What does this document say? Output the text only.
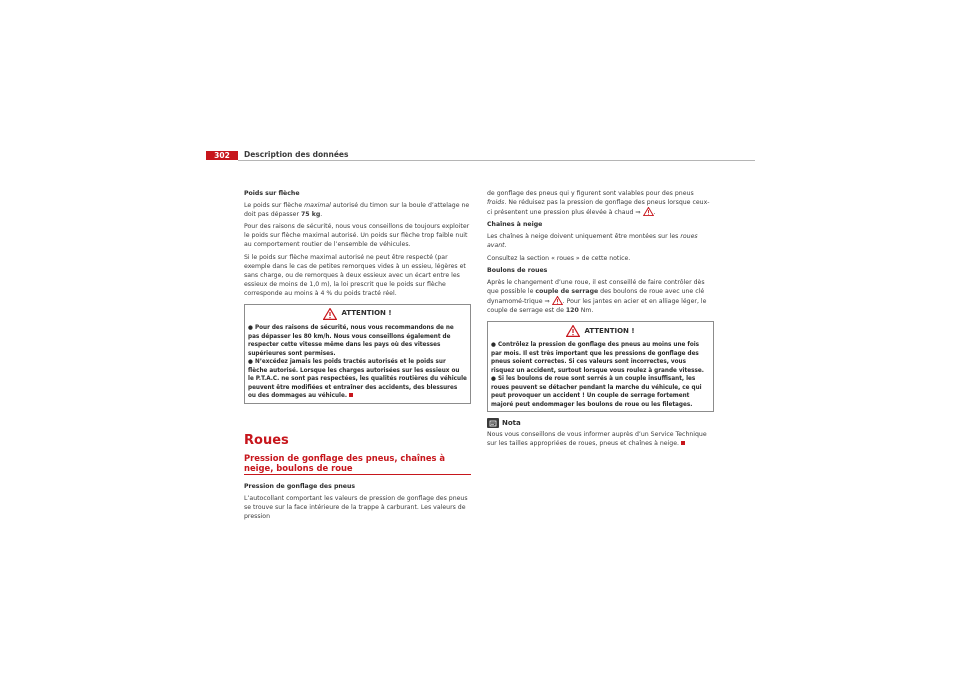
302	Description des données

Poids sur flèche

Le poids sur flèche maximal autorisé du timon sur la boule d’attelage ne doit pas dépasser 75 kg.

Pour des raisons de sécurité, nous vous conseillons de toujours exploiter le poids sur flèche maximal autorisé. Un poids sur flèche trop faible nuit au comportement routier de l’ensemble de véhicules.

Si le poids sur flèche maximal autorisé ne peut être respecté (par exemple dans le cas de petites remorques vides à un essieu, légères et sans charge, ou de remorques à deux essieux avec un écart entre les essieux de moins de 1,0 m), la loi prescrit que le poids sur flèche corresponde au moins à 4 % du poids tracté réel.

ATTENTION !

● Pour des raisons de sécurité, nous vous recommandons de ne pas dépasser les 80 km/h. Nous vous conseillons également de respecter cette vitesse même dans les pays où des vitesses supérieures sont permises.

● N’excédez jamais les poids tractés autorisés et le poids sur flèche autorisé. Lorsque les charges autorisées sur les essieux ou le P.T.A.C. ne sont pas respectées, les qualités routières du véhicule peuvent être modifiées et entraîner des accidents, des blessures ou des dommages au véhicule.

Roues
Pression de gonflage des pneus, chaînes à neige, boulons de roue

Pression de gonflage des pneus

L’autocollant comportant les valeurs de pression de gonflage des pneus se trouve sur la face intérieure de la trappe à carburant. Les valeurs de pression

de gonflage des pneus qui y figurent sont valables pour des pneus froids. Ne réduisez pas la pression de gonflage des pneus lorsque ceux-ci présentent une pression plus élevée à chaud ⇒ .

Chaînes à neige

Les chaînes à neige doivent uniquement être montées sur les roues avant.

Consultez la section « roues » de cette notice.

Boulons de roues

Après le changement d’une roue, il est conseillé de faire contrôler dès que possible le couple de serrage des boulons de roue avec une clé dynamomé-trique ⇒ . Pour les jantes en acier et en alliage léger, le couple de serrage est de 120 Nm.

ATTENTION !

● Contrôlez la pression de gonflage des pneus au moins une fois par mois. Il est très important que les pressions de gonflage des pneus soient correctes. Si ces valeurs sont incorrectes, vous risquez un accident, surtout lorsque vous roulez à grande vitesse.

● Si les boulons de roue sont serrés à un couple insuffisant, les roues peuvent se détacher pendant la marche du véhicule, ce qui peut provoquer un accident ! Un couple de serrage fortement majoré peut endommager les boulons de roue ou les filetages.

Nota

Nous vous conseillons de vous informer auprès d’un Service Technique sur les tailles appropriées de roues, pneus et chaînes à neige.
